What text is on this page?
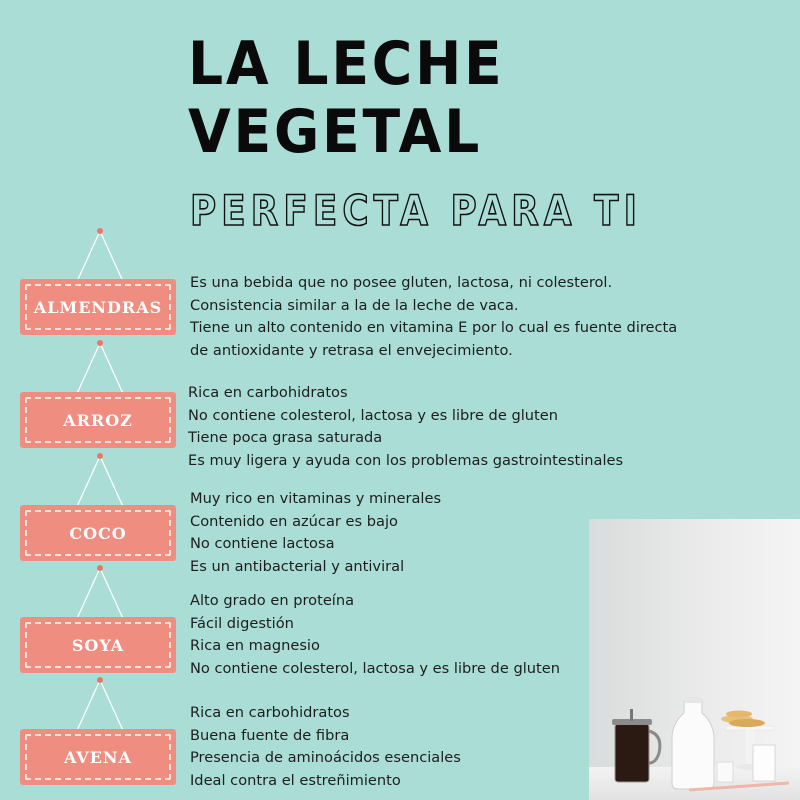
LA LECHE
VEGETAL
PERFECTA PARA TI
ALMENDRAS
Es una bebida que no posee gluten, lactosa, ni colesterol.
Consistencia similar a la de la leche de vaca.
Tiene un alto contenido en vitamina E por lo cual es fuente directa
de antioxidante y retrasa el envejecimiento.
ARROZ
Rica en carbohidratos
No contiene colesterol, lactosa y es libre de gluten
Tiene poca grasa saturada
Es muy ligera y ayuda con los problemas gastrointestinales
COCO
Muy rico en vitaminas y minerales
Contenido en azúcar es bajo
No contiene lactosa
Es un antibacterial y antiviral
SOYA
Alto grado en proteína
Fácil digestión
Rica en magnesio
No contiene colesterol, lactosa y es libre de gluten
AVENA
Rica en carbohidratos
Buena fuente de fibra
Presencia de aminoácidos esenciales
Ideal contra el estreñimiento
